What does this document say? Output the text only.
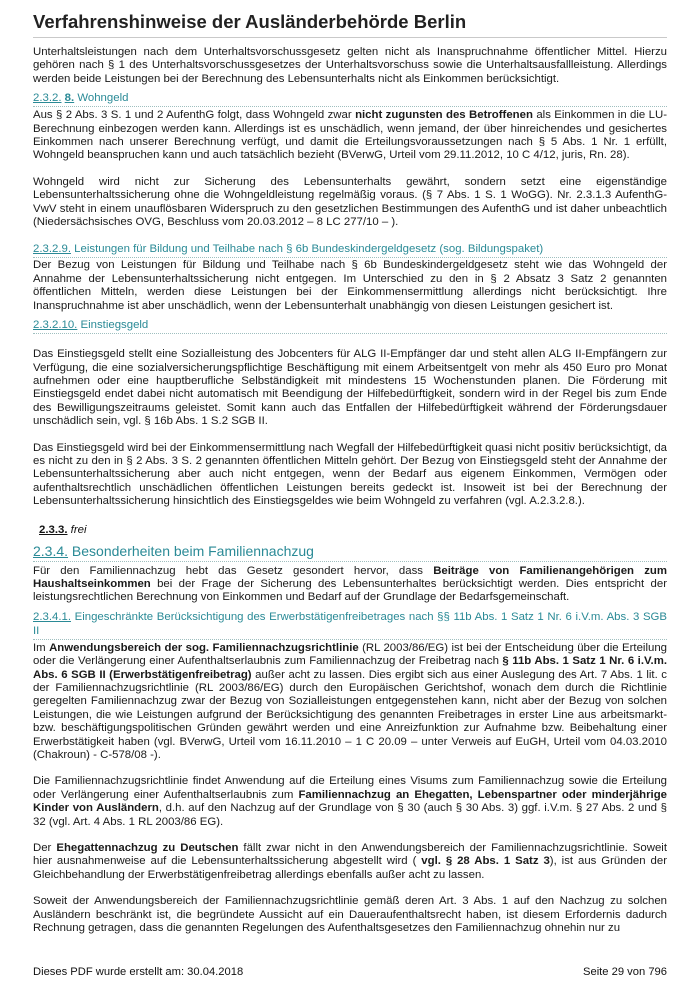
Verfahrenshinweise der Ausländerbehörde Berlin

Unterhaltsleistungen nach dem Unterhaltsvorschussgesetz gelten nicht als Inanspruchnahme öffentlicher Mittel. Hierzu gehören nach § 1 des Unterhaltsvorschussgesetzes der Unterhaltsvorschuss sowie die Unterhaltsausfallleistung. Allerdings werden beide Leistungen bei der Berechnung des Lebensunterhalts nicht als Einkommen berücksichtigt.

2.3.2. 8. Wohngeld

Aus § 2 Abs. 3 S. 1 und 2 AufenthG folgt, dass Wohngeld zwar nicht zugunsten des Betroffenen als Einkommen in die LU- Berechnung einbezogen werden kann. Allerdings ist es unschädlich, wenn jemand, der über hinreichendes und gesichertes Einkommen nach unserer Berechnung verfügt, und damit die Erteilungsvoraussetzungen nach § 5 Abs. 1 Nr. 1 erfüllt, Wohngeld beanspruchen kann und auch tatsächlich bezieht (BVerwG, Urteil vom 29.11.2012, 10 C 4/12, juris, Rn. 28).

Wohngeld wird nicht zur Sicherung des Lebensunterhalts gewährt, sondern setzt eine eigenständige Lebensunterhaltssicherung ohne die Wohngeldleistung regelmäßig voraus. (§ 7 Abs. 1 S. 1 WoGG). Nr. 2.3.1.3 AufenthG-VwV steht in einem unauflösbaren Widerspruch zu den gesetzlichen Bestimmungen des AufenthG und ist daher unbeachtlich (Niedersächsisches OVG, Beschluss vom 20.03.2012 – 8 LC 277/10 – ).

2.3.2.9. Leistungen für Bildung und Teilhabe nach § 6b Bundeskindergeldgesetz (sog. Bildungspaket)

Der Bezug von Leistungen für Bildung und Teilhabe nach § 6b Bundeskindergeldgesetz steht wie das Wohngeld der Annahme der Lebensunterhaltssicherung nicht entgegen. Im Unterschied zu den in § 2 Absatz 3 Satz 2 genannten öffentlichen Mitteln, werden diese Leistungen bei der Einkommensermittlung allerdings nicht berücksichtigt. Ihre Inanspruchnahme ist aber unschädlich, wenn der Lebensunterhalt unabhängig von diesen Leistungen gesichert ist.

2.3.2.10. Einstiegsgeld

Das Einstiegsgeld stellt eine Sozialleistung des Jobcenters für ALG II-Empfänger dar und steht allen ALG II-Empfängern zur Verfügung, die eine sozialversicherungspflichtige Beschäftigung mit einem Arbeitsentgelt von mehr als 450 Euro pro Monat aufnehmen oder eine hauptberufliche Selbständigkeit mit mindestens 15 Wochenstunden planen. Die Förderung mit Einstiegsgeld endet dabei nicht automatisch mit Beendigung der Hilfebedürftigkeit, sondern wird in der Regel bis zum Ende des Bewilligungszeitraums geleistet. Somit kann auch das Entfallen der Hilfebedürftigkeit während der Förderungsdauer unschädlich sein, vgl. § 16b Abs. 1 S.2 SGB II.

Das Einstiegsgeld wird bei der Einkommensermittlung nach Wegfall der Hilfebedürftigkeit quasi nicht positiv berücksichtigt, da es nicht zu den in § 2 Abs. 3 S. 2 genannten öffentlichen Mitteln gehört. Der Bezug von Einstiegsgeld steht der Annahme der Lebensunterhaltssicherung aber auch nicht entgegen, wenn der Bedarf aus eigenem Einkommen, Vermögen oder aufenthaltsrechtlich unschädlichen öffentlichen Leistungen bereits gedeckt ist. Insoweit ist bei der Berechnung der Lebensunterhaltssicherung hinsichtlich des Einstiegsgeldes wie beim Wohngeld zu verfahren (vgl. A.2.3.2.8.).

2.3.3. frei
2.3.4. Besonderheiten beim Familiennachzug

Für den Familiennachzug hebt das Gesetz gesondert hervor, dass Beiträge von Familienangehörigen zum Haushaltseinkommen bei der Frage der Sicherung des Lebensunterhaltes berücksichtigt werden. Dies entspricht der leistungsrechtlichen Berechnung von Einkommen und Bedarf auf der Grundlage der Bedarfsgemeinschaft.

2.3.4.1. Eingeschränkte Berücksichtigung des Erwerbstätigenfreibetrages nach §§ 11b Abs. 1 Satz 1 Nr. 6 i.V.m. Abs. 3 SGB II

Im Anwendungsbereich der sog. Familiennachzugsrichtlinie (RL 2003/86/EG) ist bei der Entscheidung über die Erteilung oder die Verlängerung einer Aufenthaltserlaubnis zum Familiennachzug der Freibetrag nach § 11b Abs. 1 Satz 1 Nr. 6 i.V.m. Abs. 6 SGB II (Erwerbstätigenfreibetrag) außer acht zu lassen. Dies ergibt sich aus einer Auslegung des Art. 7 Abs. 1 lit. c der Familiennachzugsrichtlinie (RL 2003/86/EG) durch den Europäischen Gerichtshof, wonach dem durch die Richtlinie geregelten Familiennachzug zwar der Bezug von Sozialleistungen entgegenstehen kann, nicht aber der Bezug von solchen Leistungen, die wie Leistungen aufgrund der Berücksichtigung des genannten Freibetrages in erster Line aus arbeitsmarkt- bzw. beschäftigungspolitischen Gründen gewährt werden und eine Anreizfunktion zur Aufnahme bzw. Beibehaltung einer Erwerbstätigkeit haben (vgl. BVerwG, Urteil vom 16.11.2010 – 1 C 20.09 – unter Verweis auf EuGH, Urteil vom 04.03.2010 (Chakroun) - C-578/08 -).

Die Familiennachzugsrichtlinie findet Anwendung auf die Erteilung eines Visums zum Familiennachzug sowie die Erteilung oder Verlängerung einer Aufenthaltserlaubnis zum Familiennachzug an Ehegatten, Lebenspartner oder minderjährige Kinder von Ausländern, d.h. auf den Nachzug auf der Grundlage von § 30 (auch § 30 Abs. 3) ggf. i.V.m. § 27 Abs. 2 und § 32 (vgl. Art. 4 Abs. 1 RL 2003/86 EG).

Der Ehegattennachzug zu Deutschen fällt zwar nicht in den Anwendungsbereich der Familiennachzugsrichtlinie. Soweit hier ausnahmenweise auf die Lebensunterhaltssicherung abgestellt wird ( vgl. § 28 Abs. 1 Satz 3), ist aus Gründen der Gleichbehandlung der Erwerbstätigenfreibetrag allerdings ebenfalls außer acht zu lassen.

Soweit der Anwendungsbereich der Familiennachzugsrichtlinie gemäß deren Art. 3 Abs. 1 auf den Nachzug zu solchen Ausländern beschränkt ist, die begründete Aussicht auf ein Daueraufenthaltsrecht haben, ist diesem Erfordernis dadurch Rechnung getragen, dass die genannten Regelungen des Aufenthaltsgesetzes den Familiennachzug ohnehin nur zu

Dieses PDF wurde erstellt am: 30.04.2018	Seite 29 von 796
